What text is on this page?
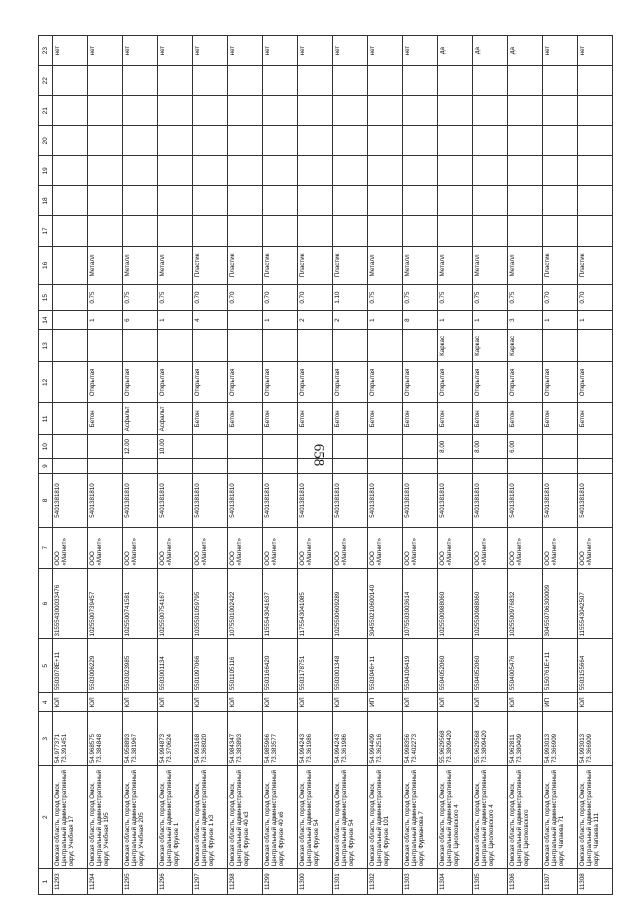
658
1	2	3	4	5	6	7	8	9	10	11	12	13	14	15	16	17	18	19	20	21	22	23
11293	Омская область, город Омск, Центральный административный округ, Учебная 17	54.977371 73.391451	ЮЛ	5503078E+11	315554300033476	ООО «Магнит»	5401381810															нет
11294	Омская область, город Омск, Центральный административный округ, Учебная 195	54.968575 73.384848	ЮЛ	5503006229	1025500739457	ООО «Магнит»	5401381810			Бетон	Открытая		1	0.75	Металл							нет
11295	Омская область, город Омск, Центральный административный округ, Учебная 205	54.958893 73.381967	ЮЛ	5503023985	1025500741581	ООО «Магнит»	5401381810		12.00	Асфальт	Открытая		6	0.75	Металл							нет
11296	Омская область, город Омск, Центральный административный округ, Фрунзе 1	54.994873 73.370624	ЮЛ	5503001134	1025500754167	ООО «Магнит»	5401381810		10.00	Асфальт	Открытая		1	0.75	Металл							нет
11297	Омская область, город Омск, Центральный административный округ, Фрунзе 1 к3	54.993168 73.368020	ЮЛ	5501097066	1035501059795	ООО «Магнит»	5401381810			Бетон	Открытая		4	0.70	Пластик							нет
11298	Омская область, город Омск, Центральный административный округ, Фрунзе 40 к3	54.984347 73.383893	ЮЛ	5501105116	1075501002422	ООО «Магнит»	5401381810			Бетон	Открытая			0.70	Пластик							нет
11299	Омская область, город Омск, Центральный административный округ, Фрунзе 40 к6	54.985966 73.383577	ЮЛ	5503166420	1155543041637	ООО «Магнит»	5401381810			Бетон	Открытая		1	0.70	Пластик							нет
11300	Омская область, город Омск, Центральный административный округ, Фрунзе 54	54.994243 73.361986	ЮЛ	5503178751	1175543041085	ООО «Магнит»	5401381810			Бетон	Открытая		2	0.70	Пластик							нет
11301	Омская область, город Омск, Центральный административный округ, Фрунзе 54	54.994243 73.361986	ЮЛ	5503001348	1025500609289	ООО «Магнит»	5401381810			Бетон	Открытая		2	1.10	Пластик							нет
11302	Омская область, город Омск, Центральный административный округ, Фрунзе 101	54.994409 73.362516	ИП	5503046+11	304550210600140	ООО «Магнит»	5401381810			Бетон	Открытая		1	0.75	Металл							нет
11303	Омская область, город Омск, Центральный административный округ, Фурманова 7	54.998356 73.402273	ЮЛ	5504106419	1075503003614	ООО «Магнит»	5401381810			Бетон	Открытая		8	0.75	Металл							нет
11304	Омская область, город Омск, Центральный административный округ, Циолковского 4	55.9629568 73.3809420	ЮЛ	5504052060	1025500988060	ООО «Магнит»	5401381810		8.00	Бетон	Открытая	Каркас	1	0.75	Металл							да
11305	Омская область, город Омск, Центральный административный округ, Циолковского 4	55.9629568 73.3809420	ЮЛ	5504052060	1025500988060	ООО «Магнит»	5401381810		8.00	Бетон	Открытая	Каркас	1	0.75	Металл							да
11306	Омская область, город Омск, Центральный административный округ, Циолковского	54.962811 73.380409	ЮЛ	5504005476	1025500976832	ООО «Магнит»	5401381810		6.00	Бетон	Открытая	Каркас	3	0.75	Металл							да
11307	Омская область, город Омск, Центральный административный округ, Чапаева 71	54.993013 73.366909	ИП	5150761E+11	304550706300009	ООО «Магнит»	5401381810			Бетон	Открытая		1	0.70	Пластик							нет
11308	Омская область, город Омск, Центральный административный округ, Чапаева 111	54.993013 73.366909	ЮЛ	5503155664	1155543042507	ООО «Магнит»	5401381810			Бетон	Открытая		1	0.70	Пластик							нет
